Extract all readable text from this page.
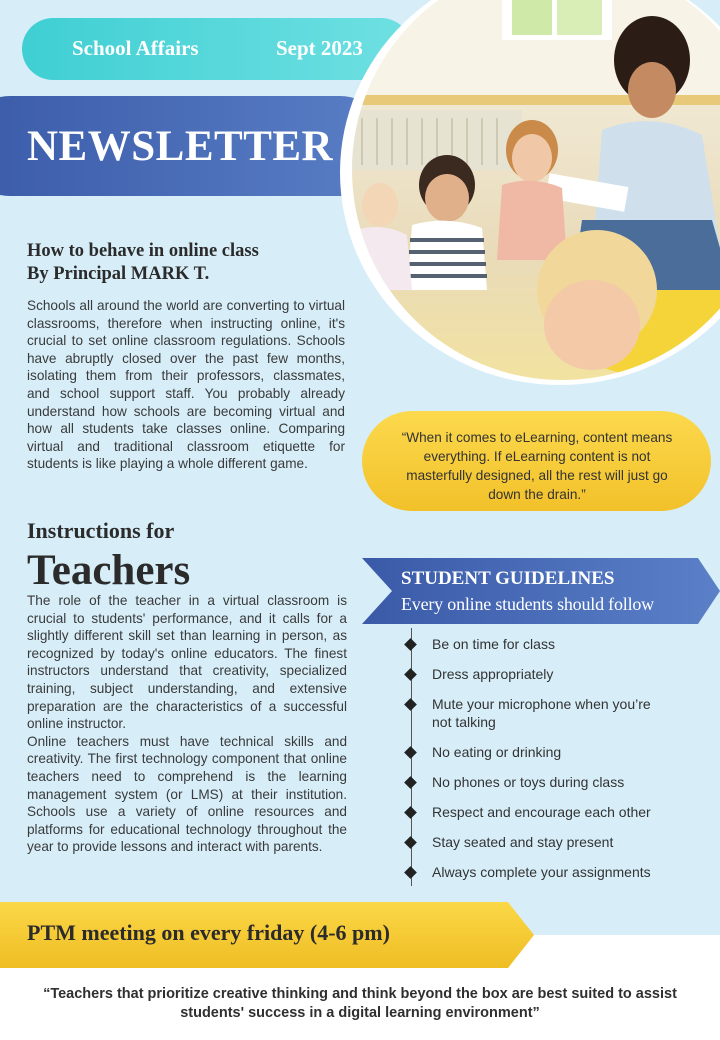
School Affairs	Sept 2023
NEWSLETTER
How to behave in online class
By Principal MARK T.
Schools all around the world are converting to virtual classrooms, therefore when instructing online, it's crucial to set online classroom regulations. Schools have abruptly closed over the past few months, isolating them from their professors, classmates, and school support staff. You probably already understand how schools are becoming virtual and how all students take classes online. Comparing virtual and traditional classroom etiquette for students is like playing a whole different game.
“When it comes to eLearning, content means everything. If eLearning content is not masterfully designed, all the rest will just go down the drain.”
Instructions for
Teachers
The role of the teacher in a virtual classroom is crucial to students' performance, and it calls for a slightly different skill set than learning in person, as recognized by today's online educators. The finest instructors understand that creativity, specialized training, subject understanding, and extensive preparation are the characteristics of a successful online instructor.
Online teachers must have technical skills and creativity. The first technology component that online teachers need to comprehend is the learning management system (or LMS) at their institution. Schools use a variety of online resources and platforms for educational technology throughout the year to provide lessons and interact with parents.
STUDENT GUIDELINES
Every online students should follow
Be on time for class
Dress appropriately
Mute your microphone when you’re not talking
No eating or drinking
No phones or toys during class
Respect and encourage each other
Stay seated and stay present
Always complete your assignments
PTM meeting on every friday (4-6 pm)
“Teachers that prioritize creative thinking and think beyond the box are best suited to assist students' success in a digital learning environment”
